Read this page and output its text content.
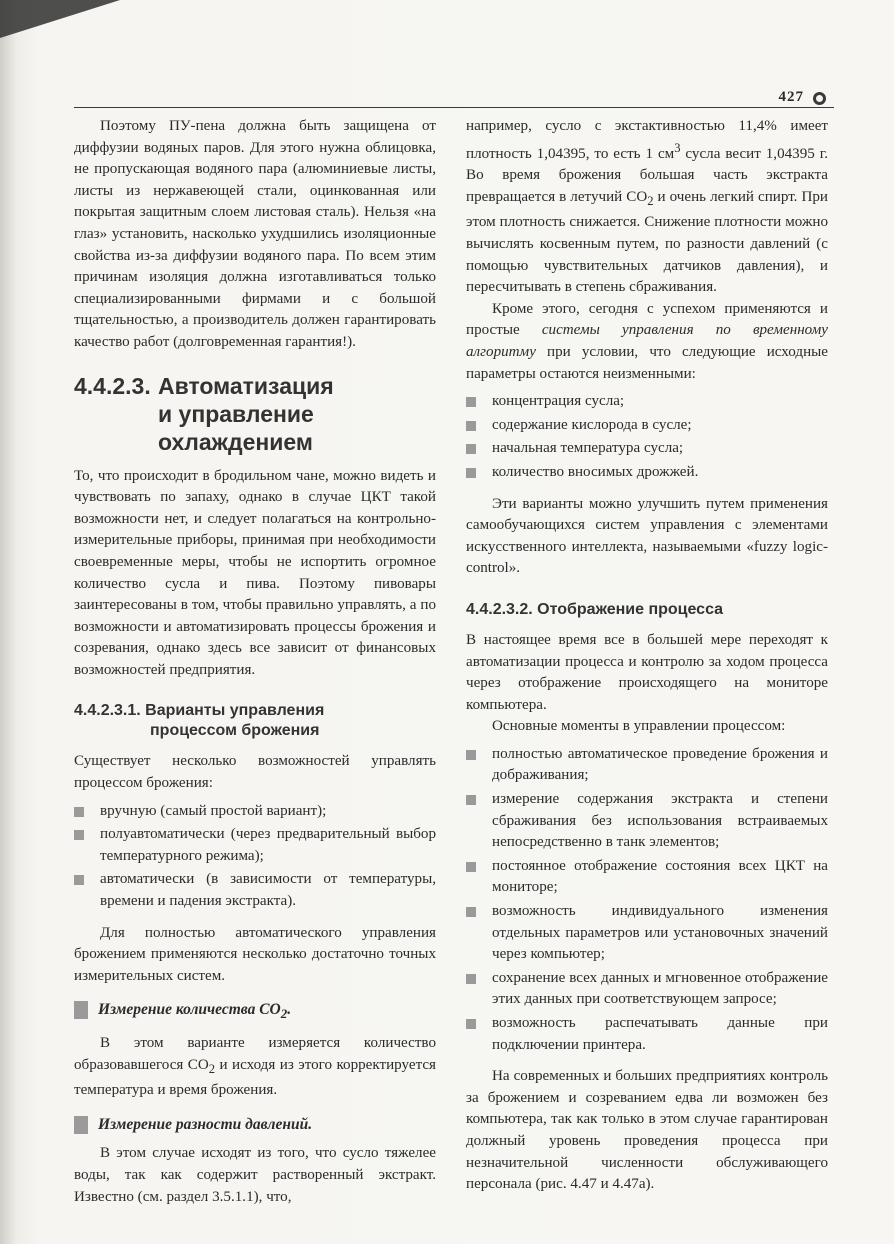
427

Поэтому ПУ-пена должна быть защищена от диффузии водяных паров. Для этого нужна облицовка, не пропускающая водяного пара (алюминиевые листы, листы из нержавеющей стали, оцинкованная или покрытая защитным слоем листовая сталь). Нельзя «на глаз» установить, насколько ухудшились изоляционные свойства из-за диффузии водяного пара. По всем этим причинам изоляция должна изготавливаться только специализированными фирмами и с большой тщательностью, а производитель должен гарантировать качество работ (долговременная гарантия!).

4.4.2.3. Автоматизация
и управление
охлаждением

То, что происходит в бродильном чане, можно видеть и чувствовать по запаху, однако в случае ЦКТ такой возможности нет, и следует полагаться на контрольно-измерительные приборы, принимая при необходимости своевременные меры, чтобы не испортить огромное количество сусла и пива. Поэтому пивовары заинтересованы в том, чтобы правильно управлять, а по возможности и автоматизировать процессы брожения и созревания, однако здесь все зависит от финансовых возможностей предприятия.

4.4.2.3.1. Варианты управления
процессом брожения

Существует несколько возможностей управлять процессом брожения:

вручную (самый простой вариант);
полуавтоматически (через предварительный выбор температурного режима);
автоматически (в зависимости от температуры, времени и падения экстракта).

Для полностью автоматического управления брожением применяются несколько достаточно точных измерительных систем.

Измерение количества $CO_2$.

В этом варианте измеряется количество образовавшегося $CO_2$ и исходя из этого корректируется температура и время брожения.

Измерение разности давлений.

В этом случае исходят из того, что сусло тяжелее воды, так как содержит растворенный экстракт. Известно (см. раздел 3.5.1.1), что,

например, сусло с экстактивностью 11,4% имеет плотность 1,04395, то есть 1 $см^3$ сусла весит 1,04395 г. Во время брожения большая часть экстракта превращается в летучий $CO_2$ и очень легкий спирт. При этом плотность снижается. Снижение плотности можно вычислять косвенным путем, по разности давлений (с помощью чувствительных датчиков давления), и пересчитывать в степень сбраживания.

Кроме этого, сегодня с успехом применяются и простые системы управления по временному алгоритму при условии, что следующие исходные параметры остаются неизменными:

концентрация сусла;
содержание кислорода в сусле;
начальная температура сусла;
количество вносимых дрожжей.

Эти варианты можно улучшить путем применения самообучающихся систем управления с элементами искусственного интеллекта, называемыми «fuzzy logic-control».

4.4.2.3.2. Отображение процесса

В настоящее время все в большей мере переходят к автоматизации процесса и контролю за ходом процесса через отображение происходящего на мониторе компьютера.

Основные моменты в управлении процессом:

полностью автоматическое проведение брожения и дображивания;
измерение содержания экстракта и степени сбраживания без использования встраиваемых непосредственно в танк элементов;
постоянное отображение состояния всех ЦКТ на мониторе;
возможность индивидуального изменения отдельных параметров или установочных значений через компьютер;
сохранение всех данных и мгновенное отображение этих данных при соответствующем запросе;
возможность распечатывать данные при подключении принтера.

На современных и больших предприятиях контроль за брожением и созреванием едва ли возможен без компьютера, так как только в этом случае гарантирован должный уровень проведения процесса при незначительной численности обслуживающего персонала (рис. 4.47 и 4.47а).
